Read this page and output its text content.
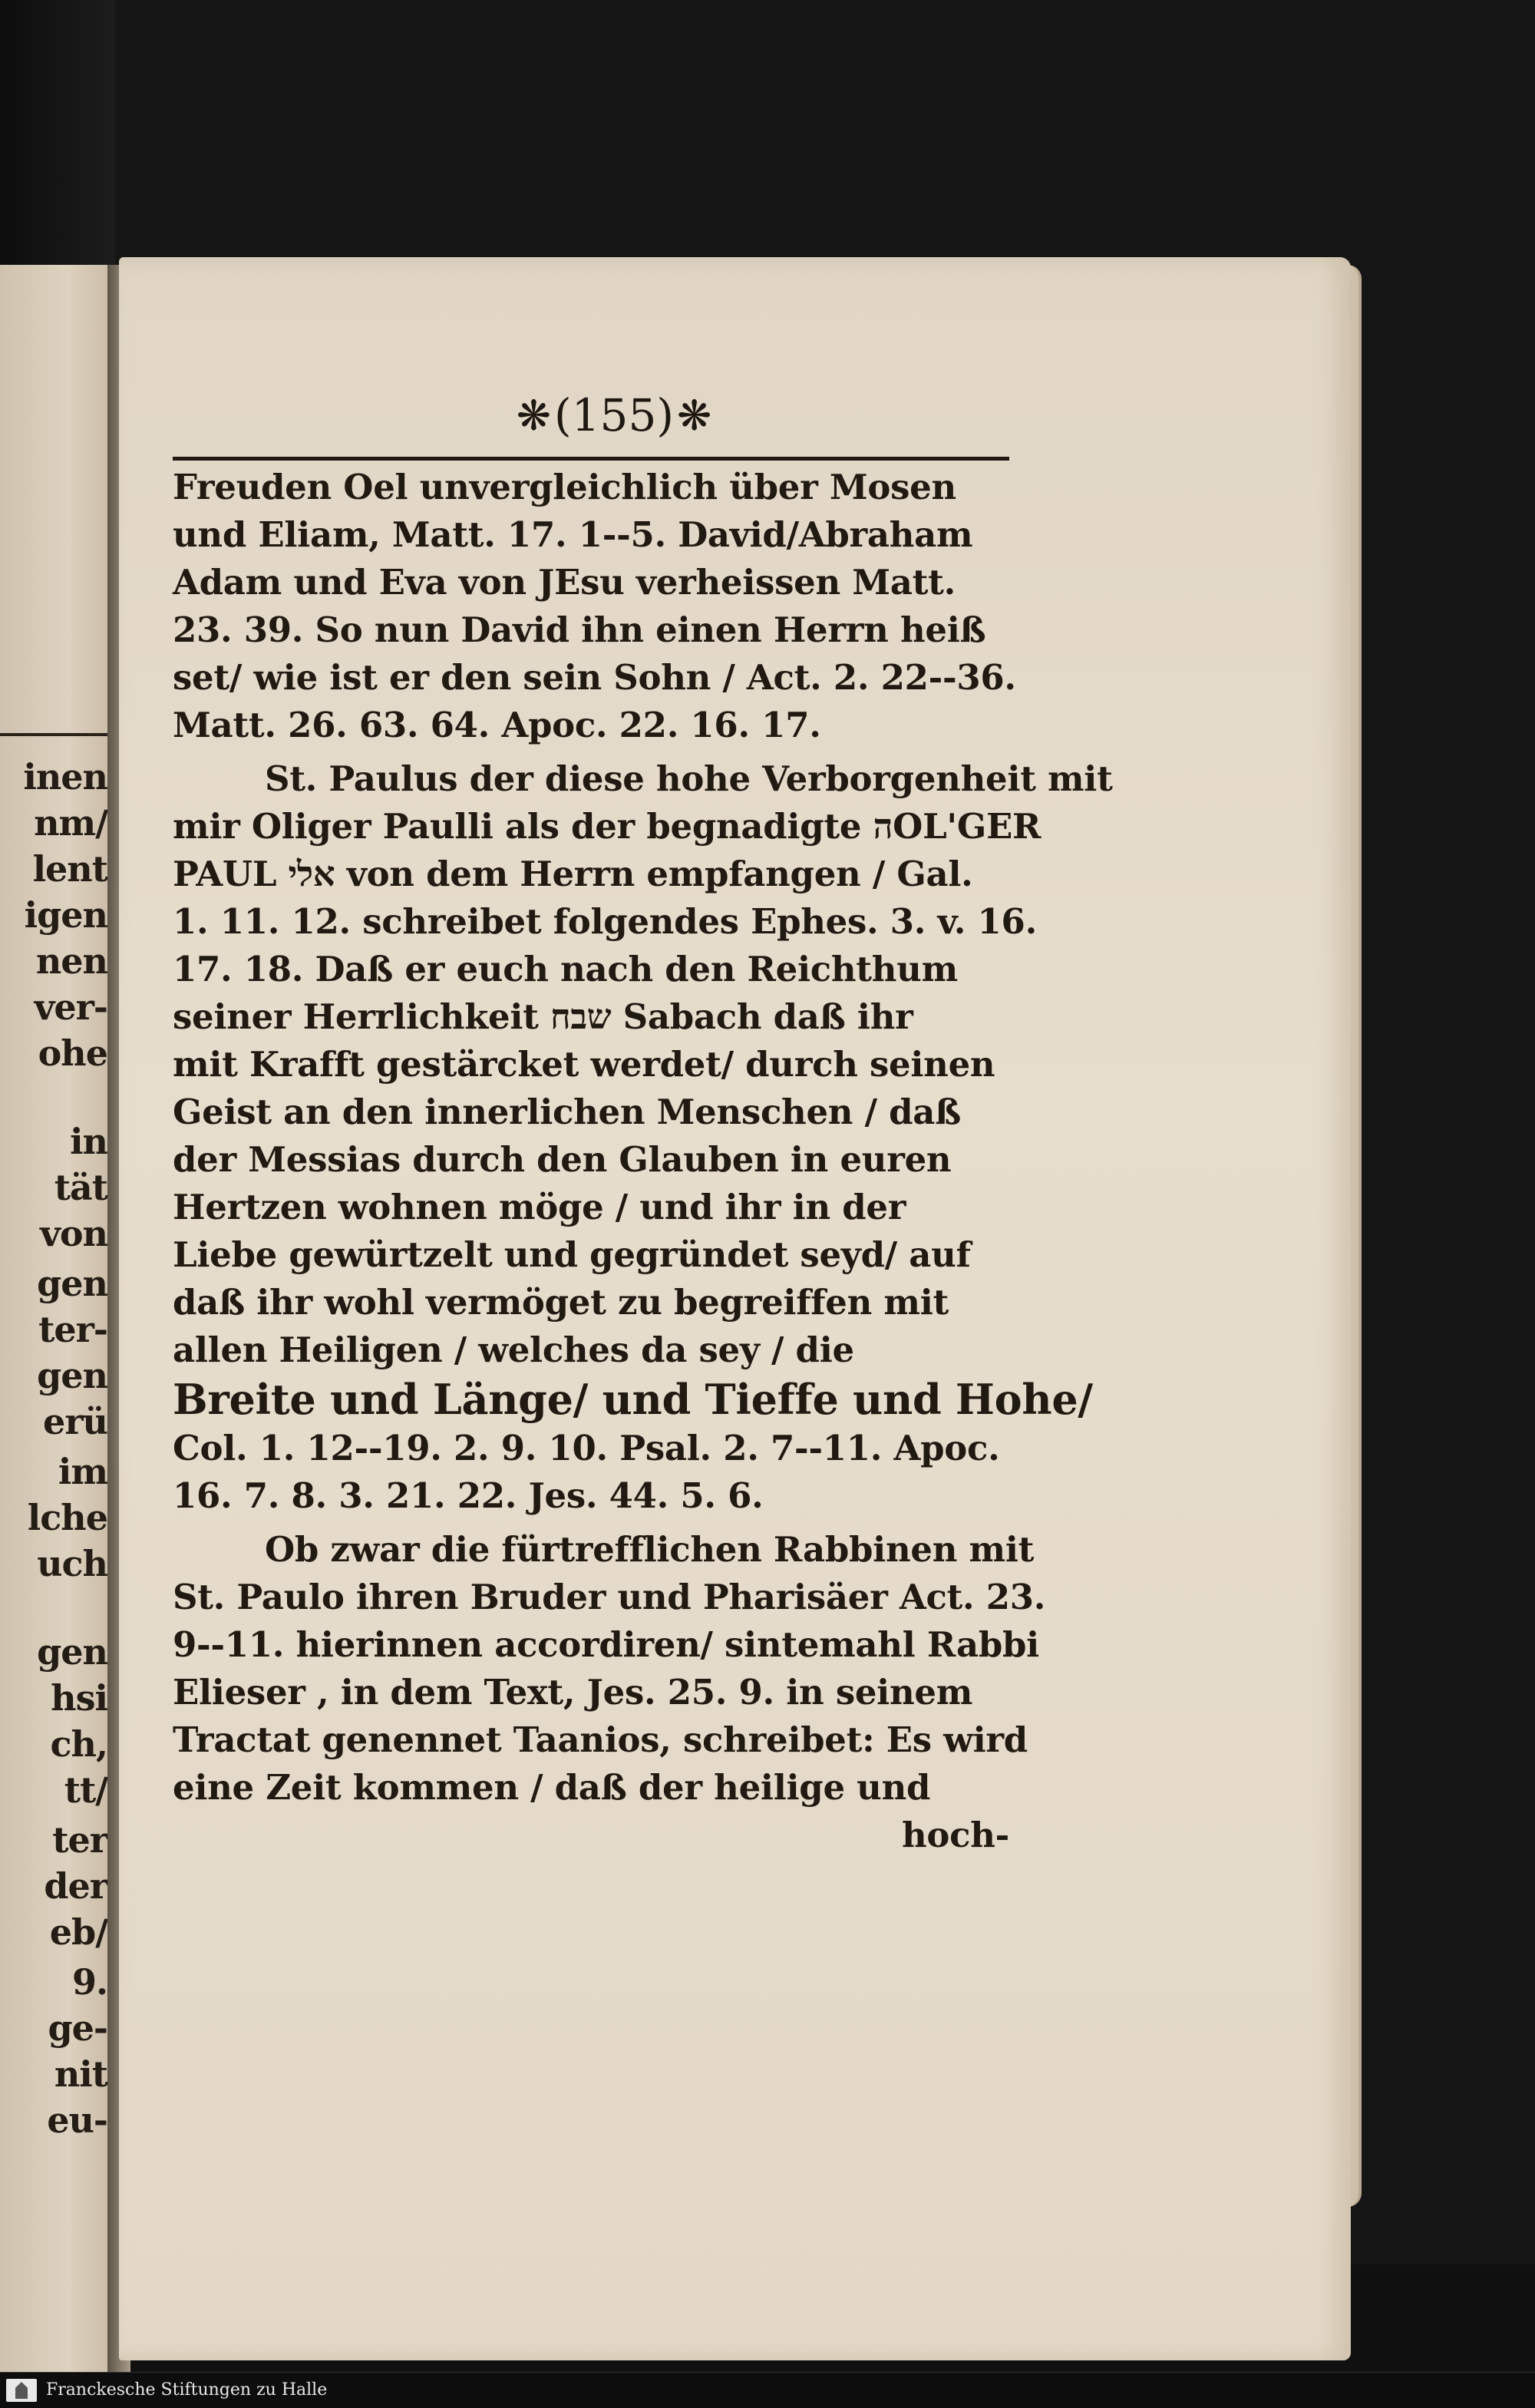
inen
nm/
lent
igen
nen
ver-
ohe
in
tät
von
gen
ter-
gen
erü
im
lche
uch
gen
hsi
ch,
tt/
ter
der
eb/
9.
ge-
nit
eu-
❋(155)❋
Freuden Oel unvergleichlich über Mosen
und Eliam, Matt. 17. 1--5. David/Abraham
Adam und Eva von JEsu verheissen Matt.
23. 39. So nun David ihn einen Herrn heiß
set/ wie ist er den sein Sohn / Act. 2. 22--36.
Matt. 26. 63. 64. Apoc. 22. 16. 17.
St. Paulus der diese hohe Verborgenheit mit
mir Oliger Paulli als der begnadigte הOL'GER
PAUL אלי von dem Herrn empfangen / Gal.
1. 11. 12. schreibet folgendes Ephes. 3. v. 16.
17. 18. Daß er euch nach den Reichthum
seiner Herrlichkeit שבח Sabach daß ihr
mit Krafft gestärcket werdet/ durch seinen
Geist an den innerlichen Menschen / daß
der Messias durch den Glauben in euren
Hertzen wohnen möge / und ihr in der
Liebe gewürtzelt und gegründet seyd/ auf
daß ihr wohl vermöget zu begreiffen mit
allen Heiligen / welches da sey / die
Breite und Länge/ und Tieffe und Hohe/
Col. 1. 12--19. 2. 9. 10. Psal. 2. 7--11. Apoc.
16. 7. 8. 3. 21. 22. Jes. 44. 5. 6.
Ob zwar die fürtrefflichen Rabbinen mit
St. Paulo ihren Bruder und Pharisäer Act. 23.
9--11. hierinnen accordiren/ sintemahl Rabbi
Elieser , in dem Text, Jes. 25. 9. in seinem
Tractat genennet Taanios, schreibet: Es wird
eine Zeit kommen / daß der heilige und
hoch-
Franckesche Stiftungen zu Halle
